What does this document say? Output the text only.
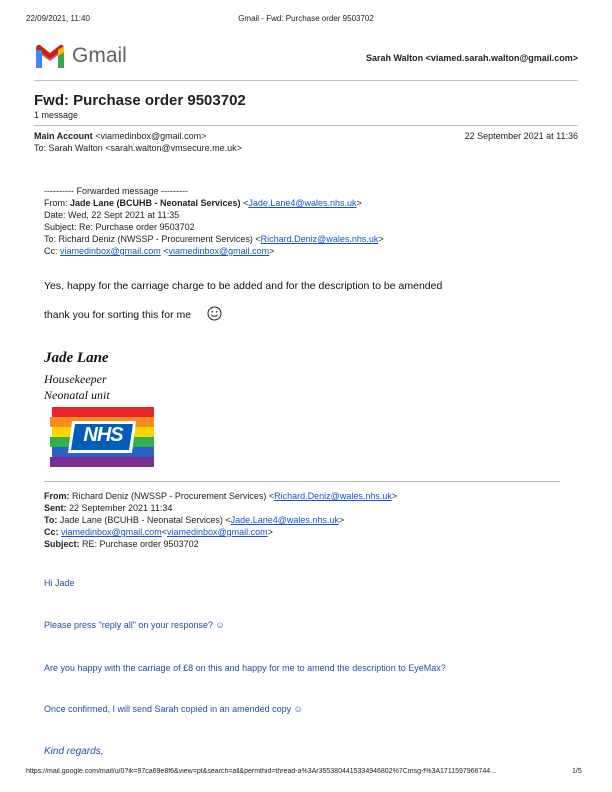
22/09/2021, 11:40	Gmail - Fwd: Purchase order 9503702
Gmail	Sarah Walton <viamed.sarah.walton@gmail.com>
Fwd: Purchase order 9503702
1 message
Main Account <viamedinbox@gmail.com>	22 September 2021 at 11:36
To: Sarah Walton <sarah.walton@vmsecure.me.uk>
---------- Forwarded message ---------
From: Jade Lane (BCUHB - Neonatal Services) <Jade.Lane4@wales.nhs.uk>
Date: Wed, 22 Sept 2021 at 11:35
Subject: Re: Purchase order 9503702
To: Richard Deniz (NWSSP - Procurement Services) <Richard.Deniz@wales.nhs.uk>
Cc: viamedinbox@gmail.com <viamedinbox@gmail.com>
Yes, happy for the carriage charge to be added and for the description to be amended
thank you for sorting this for me
Jade Lane
Housekeeper
Neonatal unit
NHS
From: Richard Deniz (NWSSP - Procurement Services) <Richard.Deniz@wales.nhs.uk>
Sent: 22 September 2021 11:34
To: Jade Lane (BCUHB - Neonatal Services) <Jade.Lane4@wales.nhs.uk>
Cc: viamedinbox@gmail.com<viamedinbox@gmail.com>
Subject: RE: Purchase order 9503702
Hi Jade
Please press "reply all" on your response? ☺
Are you happy with the carriage of £8 on this and happy for me to amend the description to EyeMax?
Once confirmed, I will send Sarah copied in an amended copy ☺
Kind regards,
https://mail.google.com/mail/u/0?ik=97ca69e8f6&view=pt&search=all&permthid=thread-a%3Ar3553804415334946802%7Cmsg-f%3A1711597966744...	1/5
